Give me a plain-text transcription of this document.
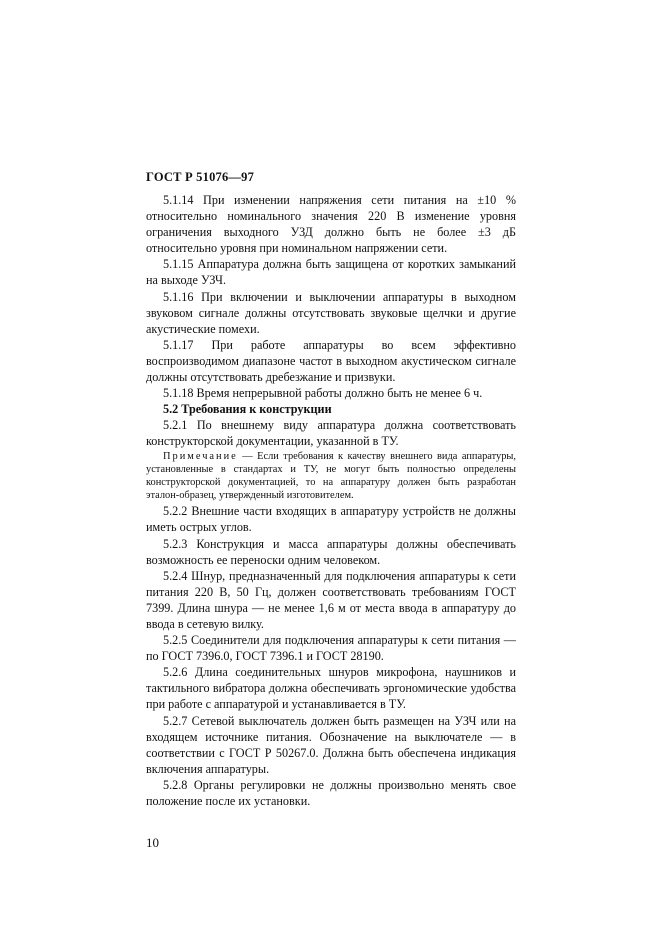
ГОСТ Р 51076—97

5.1.14 При изменении напряжения сети питания на ±10 % относительно номинального значения 220 В изменение уровня ограничения выходного УЗД должно быть не более ±3 дБ относительно уровня при номинальном напряжении сети.

5.1.15 Аппаратура должна быть защищена от коротких замыканий на выходе УЗЧ.

5.1.16 При включении и выключении аппаратуры в выходном звуковом сигнале должны отсутствовать звуковые щелчки и другие акустические помехи.

5.1.17 При работе аппаратуры во всем эффективно воспроизводимом диапазоне частот в выходном акустическом сигнале должны отсутствовать дребезжание и призвуки.

5.1.18 Время непрерывной работы должно быть не менее 6 ч.

5.2 Требования к конструкции

5.2.1 По внешнему виду аппаратура должна соответствовать конструкторской документации, указанной в ТУ.

Примечание — Если требования к качеству внешнего вида аппаратуры, установленные в стандартах и ТУ, не могут быть полностью определены конструкторской документацией, то на аппаратуру должен быть разработан эталон-образец, утвержденный изготовителем.

5.2.2 Внешние части входящих в аппаратуру устройств не должны иметь острых углов.

5.2.3 Конструкция и масса аппаратуры должны обеспечивать возможность ее переноски одним человеком.

5.2.4 Шнур, предназначенный для подключения аппаратуры к сети питания 220 В, 50 Гц, должен соответствовать требованиям ГОСТ 7399. Длина шнура — не менее 1,6 м от места ввода в аппаратуру до ввода в сетевую вилку.

5.2.5 Соединители для подключения аппаратуры к сети питания — по ГОСТ 7396.0, ГОСТ 7396.1 и ГОСТ 28190.

5.2.6 Длина соединительных шнуров микрофона, наушников и тактильного вибратора должна обеспечивать эргономические удобства при работе с аппаратурой и устанавливается в ТУ.

5.2.7 Сетевой выключатель должен быть размещен на УЗЧ или на входящем источнике питания. Обозначение на выключателе — в соответствии с ГОСТ Р 50267.0. Должна быть обеспечена индикация включения аппаратуры.

5.2.8 Органы регулировки не должны произвольно менять свое положение после их установки.

10
